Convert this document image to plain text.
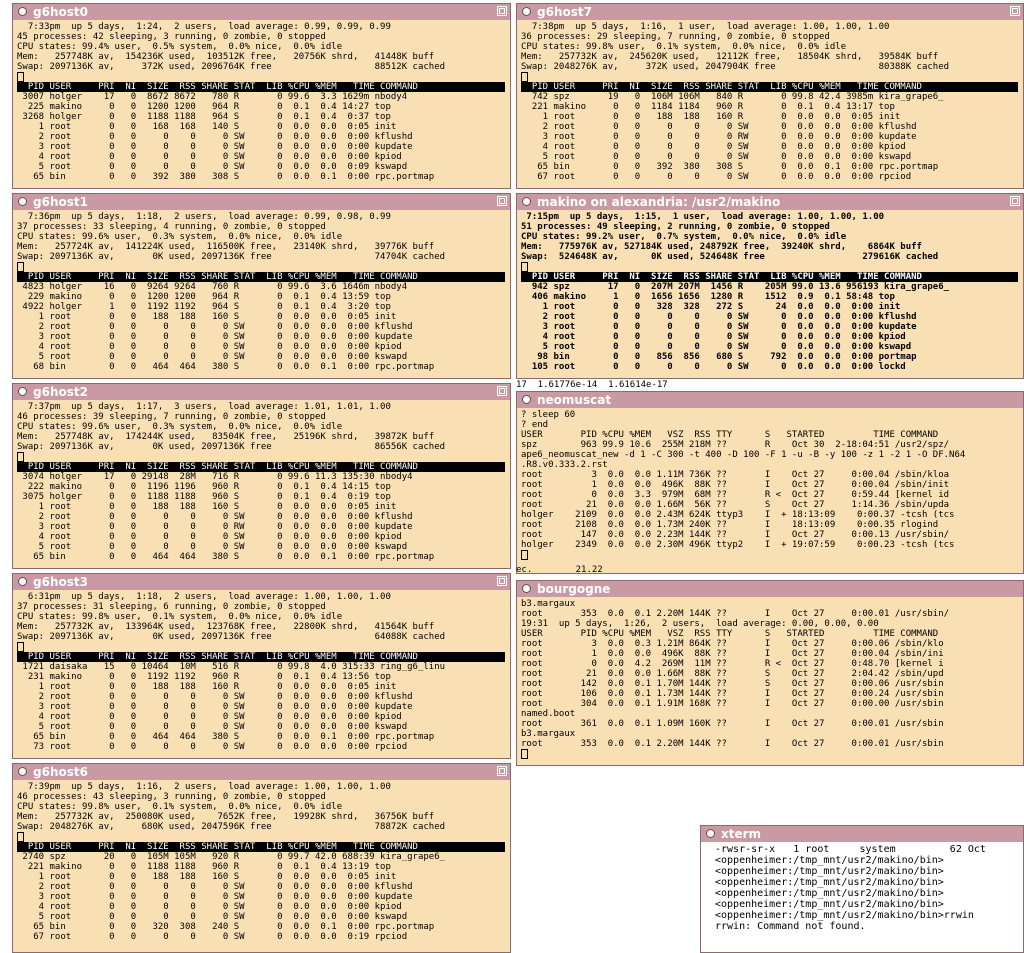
g6host0
7:33pm  up 5 days,  1:24,  2 users,  load average: 0.99, 0.99, 0.99
45 processes: 42 sleeping, 3 running, 0 zombie, 0 stopped
CPU states: 99.4% user,  0.5% system,  0.0% nice,  0.0% idle
Mem:   257748K av,  154236K used,  103512K free,   20756K shrd,   41448K buff
Swap: 2097136K av,     372K used, 2096764K free                   88512K cached
PID USER     PRI  NI  SIZE  RSS SHARE STAT  LIB %CPU %MEM   TIME COMMAND
3007 holger    17   0  8672 8672   780 R       0 99.6  3.3 1629m nbody4
225 makino     0   0  1200 1200   964 R       0  0.1  0.4 14:27 top
3268 holger     0   0  1188 1188   964 S       0  0.1  0.4  0:37 top
1 root       0   0   168  168   140 S       0  0.0  0.0  0:05 init
2 root       0   0     0    0     0 SW      0  0.0  0.0  0:00 kflushd
3 root       0   0     0    0     0 SW      0  0.0  0.0  0:00 kupdate
4 root       0   0     0    0     0 SW      0  0.0  0.0  0:00 kpiod
5 root       0   0     0    0     0 SW      0  0.0  0.0  0:09 kswapd
65 bin        0   0   392  380   308 S       0  0.0  0.1  0:00 rpc.portmap
g6host1
7:36pm  up 5 days,  1:18,  2 users,  load average: 0.99, 0.98, 0.99
37 processes: 33 sleeping, 4 running, 0 zombie, 0 stopped
CPU states: 99.6% user,  0.3% system,  0.0% nice,  0.0% idle
Mem:   257724K av,  141224K used,  116500K free,   23140K shrd,   39776K buff
Swap: 2097136K av,       0K used, 2097136K free                   74704K cached
PID USER     PRI  NI  SIZE  RSS SHARE STAT  LIB %CPU %MEM   TIME COMMAND
4823 holger    16   0  9264 9264   760 R       0 99.6  3.6 1646m nbody4
229 makino     0   0  1200 1200   964 R       0  0.1  0.4 13:59 top
4922 holger     1   0  1192 1192   964 S       0  0.1  0.4  3:20 top
1 root       0   0   188  188   160 S       0  0.0  0.0  0:05 init
2 root       0   0     0    0     0 SW      0  0.0  0.0  0:00 kflushd
3 root       0   0     0    0     0 SW      0  0.0  0.0  0:00 kupdate
4 root       0   0     0    0     0 SW      0  0.0  0.0  0:00 kpiod
5 root       0   0     0    0     0 SW      0  0.0  0.0  0:00 kswapd
68 bin        0   0   464  464   380 S       0  0.0  0.1  0:00 rpc.portmap
g6host2
7:37pm  up 5 days,  1:17,  3 users,  load average: 1.01, 1.01, 1.00
46 processes: 39 sleeping, 7 running, 0 zombie, 0 stopped
CPU states: 99.6% user,  0.3% system,  0.0% nice,  0.0% idle
Mem:   257748K av,  174244K used,   83504K free,   25196K shrd,   39872K buff
Swap: 2097136K av,       0K used, 2097136K free                   86556K cached
PID USER     PRI  NI  SIZE  RSS SHARE STAT  LIB %CPU %MEM   TIME COMMAND
3074 holger    17   0 29148  28M   716 R       0 99.6 11.3 135:30 nbody4
222 makino     0   0  1196 1196   960 R       0  0.1  0.4 14:15 top
3075 holger     0   0  1188 1188   960 S       0  0.1  0.4  0:19 top
1 root       0   0   188  188   160 S       0  0.0  0.0  0:05 init
2 root       0   0     0    0     0 SW      0  0.0  0.0  0:00 kflushd
3 root       0   0     0    0     0 RW      0  0.0  0.0  0:00 kupdate
4 root       0   0     0    0     0 SW      0  0.0  0.0  0:00 kpiod
5 root       0   0     0    0     0 SW      0  0.0  0.0  0:00 kswapd
65 bin        0   0   464  464   380 S       0  0.0  0.1  0:00 rpc.portmap
g6host3
6:31pm  up 5 days,  1:18,  2 users,  load average: 1.00, 1.00, 1.00
37 processes: 31 sleeping, 6 running, 0 zombie, 0 stopped
CPU states: 99.8% user,  0.1% system,  0.0% nice,  0.0% idle
Mem:   257732K av,  133964K used,  123768K free,   22800K shrd,   41564K buff
Swap: 2097136K av,       0K used, 2097136K free                   64088K cached
PID USER     PRI  NI  SIZE  RSS SHARE STAT  LIB %CPU %MEM   TIME COMMAND
1721 daisaka   15   0 10464  10M   516 R       0 99.8  4.0 315:33 ring_g6_linu
231 makino     0   0  1192 1192   960 R       0  0.1  0.4 13:56 top
1 root       0   0   188  188   160 R       0  0.0  0.0  0:05 init
2 root       0   0     0    0     0 SW      0  0.0  0.0  0:00 kflushd
3 root       0   0     0    0     0 SW      0  0.0  0.0  0:00 kupdate
4 root       0   0     0    0     0 SW      0  0.0  0.0  0:00 kpiod
5 root       0   0     0    0     0 SW      0  0.0  0.0  0:00 kswapd
65 bin        0   0   464  464   380 S       0  0.0  0.1  0:00 rpc.portmap
73 root       0   0     0    0     0 SW      0  0.0  0.0  0:00 rpciod
g6host6
7:39pm  up 5 days,  1:16,  2 users,  load average: 1.00, 1.00, 1.00
46 processes: 43 sleeping, 3 running, 0 zombie, 0 stopped
CPU states: 99.8% user,  0.1% system,  0.0% nice,  0.0% idle
Mem:   257732K av,  250080K used,    7652K free,   19928K shrd,   36756K buff
Swap: 2048276K av,     680K used, 2047596K free                   78872K cached
PID USER     PRI  NI  SIZE  RSS SHARE STAT  LIB %CPU %MEM   TIME COMMAND
2740 spz       20   0  105M 105M   920 R       0 99.7 42.0 688:39 kira_grape6_
221 makino     0   0  1188 1188   960 R       0  0.1  0.4 13:19 top
1 root       0   0   188  188   160 S       0  0.0  0.0  0:05 init
2 root       0   0     0    0     0 SW      0  0.0  0.0  0:00 kflushd
3 root       0   0     0    0     0 SW      0  0.0  0.0  0:00 kupdate
4 root       0   0     0    0     0 SW      0  0.0  0.0  0:00 kpiod
5 root       0   0     0    0     0 SW      0  0.0  0.0  0:00 kswapd
65 bin        0   0   320  308   240 S       0  0.0  0.1  0:00 rpc.portmap
67 root       0   0     0    0     0 SW      0  0.0  0.0  0:19 rpciod
g6host7
7:38pm  up 5 days,  1:16,  1 user,  load average: 1.00, 1.00, 1.00
36 processes: 29 sleeping, 7 running, 0 zombie, 0 stopped
CPU states: 99.8% user,  0.1% system,  0.0% nice,  0.0% idle
Mem:   257732K av,  245620K used,   12112K free,   18504K shrd,   39584K buff
Swap: 2048276K av,     372K used, 2047904K free                   80388K cached
PID USER     PRI  NI  SIZE  RSS SHARE STAT  LIB %CPU %MEM   TIME COMMAND
742 spz       19   0  106M 106M   840 R       0 99.8 42.4 3985m kira_grape6_
221 makino     0   0  1184 1184   960 R       0  0.1  0.4 13:17 top
1 root       0   0   188  188   160 R       0  0.0  0.0  0:05 init
2 root       0   0     0    0     0 SW      0  0.0  0.0  0:00 kflushd
3 root       0   0     0    0     0 RW      0  0.0  0.0  0:00 kupdate
4 root       0   0     0    0     0 SW      0  0.0  0.0  0:00 kpiod
5 root       0   0     0    0     0 SW      0  0.0  0.0  0:00 kswapd
65 bin        0   0   392  380   308 S       0  0.0  0.1  0:00 rpc.portmap
67 root       0   0     0    0     0 SW      0  0.0  0.0  0:00 rpciod
makino on alexandria: /usr2/makino
7:15pm  up 5 days,  1:15,  1 user,  load average: 1.00, 1.00, 1.00
51 processes: 49 sleeping, 2 running, 0 zombie, 0 stopped
CPU states: 99.2% user,  0.7% system,  0.0% nice,  0.0% idle
Mem:   775976K av, 527184K used, 248792K free,  39240K shrd,    6864K buff
Swap:  524648K av,      0K used, 524648K free                  279616K cached
PID USER     PRI  NI  SIZE  RSS SHARE STAT  LIB %CPU %MEM   TIME COMMAND
942 spz       17   0  207M 207M  1456 R    205M 99.0 13.6 956193 kira_grape6_
406 makino     1   0  1656 1656  1280 R    1512  0.9  0.1 58:48 top
1 root       0   0   328  328   272 S      24  0.0  0.0  0:00 init
2 root       0   0     0    0     0 SW      0  0.0  0.0  0:00 kflushd
3 root       0   0     0    0     0 SW      0  0.0  0.0  0:00 kupdate
4 root       0   0     0    0     0 SW      0  0.0  0.0  0:00 kpiod
5 root       0   0     0    0     0 SW      0  0.0  0.0  0:00 kswapd
98 bin        0   0   856  856   680 S     792  0.0  0.0  0:00 portmap
105 root       0   0     0    0     0 SW      0  0.0  0.0  0:00 lockd
17  1.61776e-14  1.61614e-17
neomuscat
? sleep 60
? end
USER       PID %CPU %MEM   VSZ  RSS TTY      S   STARTED         TIME COMMAND
spz        963 99.9 10.6  255M 218M ??       R    Oct 30  2-18:04:51 /usr2/spz/
ape6_neomuscat_new -d 1 -C 300 -t 400 -D 100 -F 1 -u -B -y 100 -z 1 -2 1 -O DF.N64
.R8.v0.333.2.rst
root         3  0.0  0.0 1.11M 736K ??       I    Oct 27     0:00.04 /sbin/kloa
root         1  0.0  0.0  496K  88K ??       I    Oct 27     0:00.04 /sbin/init
root         0  0.0  3.3  979M  68M ??       R <  Oct 27     0:59.44 [kernel id
root        21  0.0  0.0 1.66M  56K ??       S    Oct 27     1:14.36 /sbin/upda
holger    2109  0.0  0.0 2.43M 624K ttyp3    I  + 18:13:09    0:00.37 -tcsh (tcs
root      2108  0.0  0.0 1.73M 240K ??       I    18:13:09    0:00.35 rlogind
root       147  0.0  0.0 2.23M 144K ??       I    Oct 27     0:00.13 /usr/sbin/
holger    2349  0.0  0.0 2.30M 496K ttyp2    I  + 19:07:59    0:00.23 -tcsh (tcs
ec.        21.22
bourgogne
b3.margaux
root       353  0.0  0.1 2.20M 144K ??       I    Oct 27     0:00.01 /usr/sbin/
19:31  up 5 days,  1:26,  2 users,  load average: 0.00, 0.00, 0.00
USER       PID %CPU %MEM   VSZ  RSS TTY      S   STARTED         TIME COMMAND
root         3  0.0  0.3 1.21M 864K ??       I    Oct 27     0:00.06 /sbin/klo
root         1  0.0  0.0  496K  88K ??       I    Oct 27     0:00.04 /sbin/ini
root         0  0.0  4.2  269M  11M ??       R <  Oct 27     0:48.70 [kernel i
root        21  0.0  0.0 1.66M  88K ??       S    Oct 27     2:04.42 /sbin/upd
root       142  0.0  0.1 1.70M 144K ??       S    Oct 27     0:00.06 /usr/sbin
root       106  0.0  0.1 1.73M 144K ??       I    Oct 27     0:00.24 /usr/sbin
root       304  0.0  0.1 1.91M 168K ??       I    Oct 27     0:00.00 /usr/sbin
named.boot
root       361  0.0  0.1 1.09M 160K ??       I    Oct 27     0:00.01 /usr/sbin
b3.margaux
root       353  0.0  0.1 2.20M 144K ??       I    Oct 27     0:00.01 /usr/sbin
xterm
-rwsr-sr-x   1 root     system         62 Oct
<oppenheimer:/tmp_mnt/usr2/makino/bin>
<oppenheimer:/tmp_mnt/usr2/makino/bin>
<oppenheimer:/tmp_mnt/usr2/makino/bin>
<oppenheimer:/tmp_mnt/usr2/makino/bin>
<oppenheimer:/tmp_mnt/usr2/makino/bin>
<oppenheimer:/tmp_mnt/usr2/makino/bin>rrwin
rrwin: Command not found.
